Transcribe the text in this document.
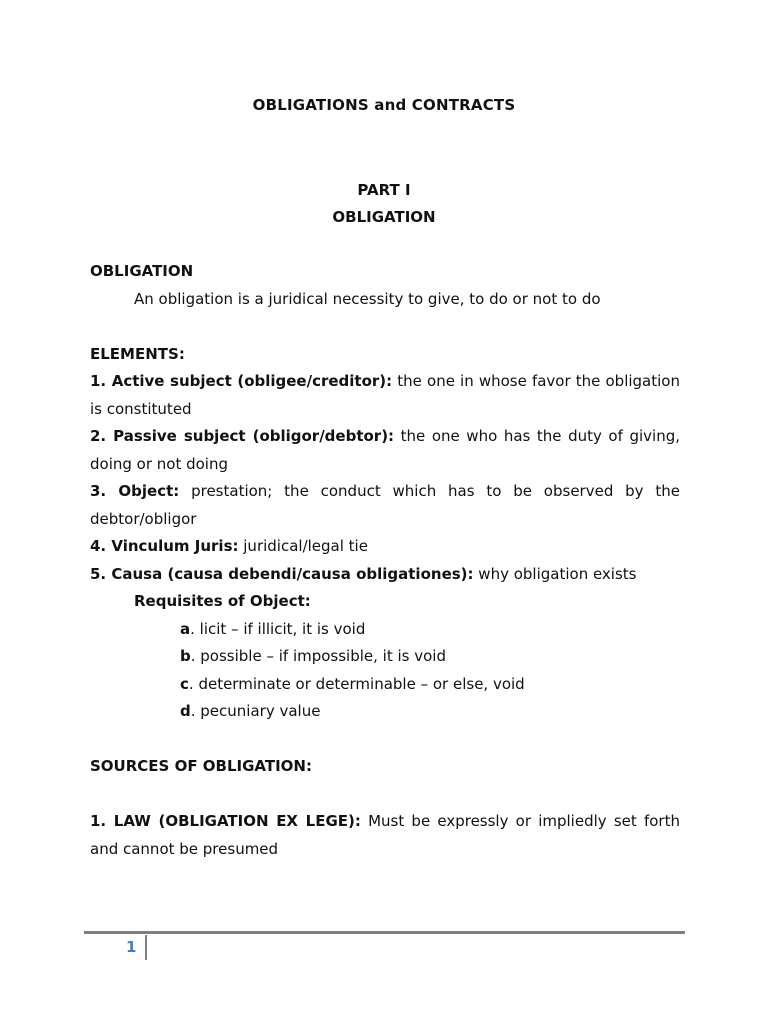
OBLIGATIONS and CONTRACTS
PART I
OBLIGATION

OBLIGATION

An obligation is a juridical necessity to give, to do or not to do

ELEMENTS:

1. Active subject (obligee/creditor): the one in whose favor the obligation is constituted

2. Passive subject (obligor/debtor): the one who has the duty of giving, doing or not doing

3. Object: prestation; the conduct which has to be observed by the debtor/obligor

4. Vinculum Juris: juridical/legal tie

5. Causa (causa debendi/causa obligationes): why obligation exists

Requisites of Object:

a. licit – if illicit, it is void

b. possible – if impossible, it is void

c. determinate or determinable – or else, void

d. pecuniary value

SOURCES OF OBLIGATION:

1. LAW (OBLIGATION EX LEGE): Must be expressly or impliedly set forth and cannot be presumed

1
